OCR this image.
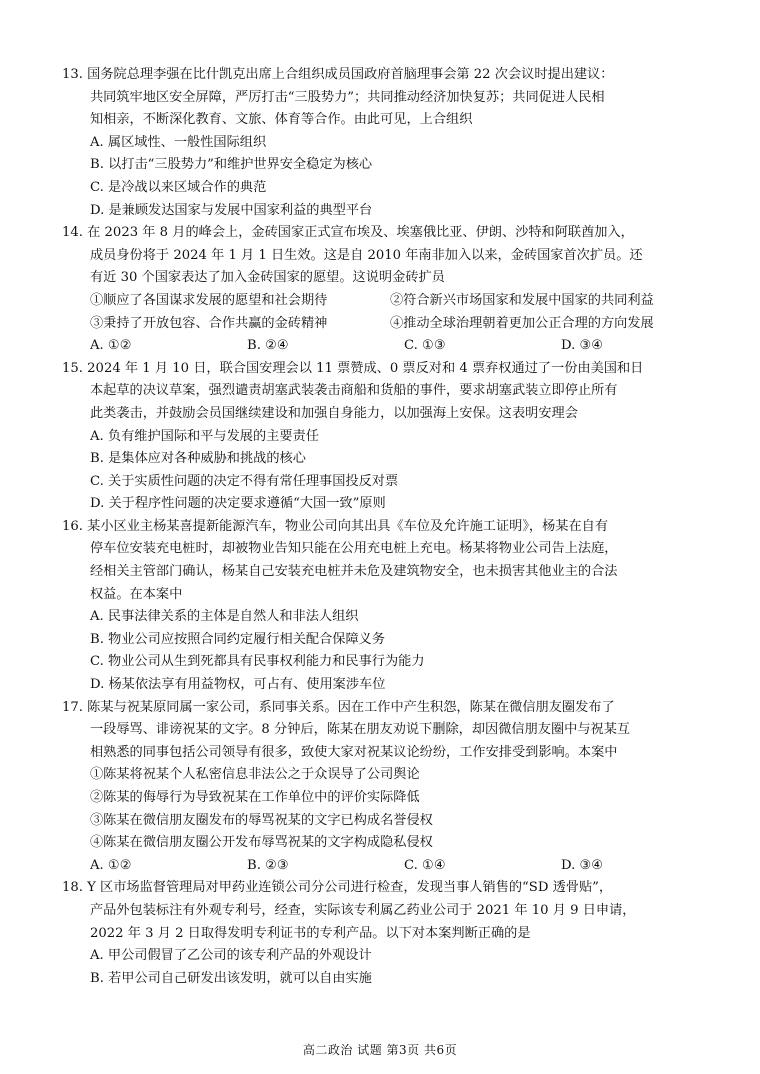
13. 国务院总理李强在比什凯克出席上合组织成员国政府首脑理事会第 22 次会议时提出建议：
共同筑牢地区安全屏障，严厉打击“三股势力”；共同推动经济加快复苏；共同促进人民相
知相亲，不断深化教育、文旅、体育等合作。由此可见，上合组织
A. 属区域性、一般性国际组织
B. 以打击“三股势力”和维护世界安全稳定为核心
C. 是冷战以来区域合作的典范
D. 是兼顾发达国家与发展中国家利益的典型平台
14. 在 2023 年 8 月的峰会上，金砖国家正式宣布埃及、埃塞俄比亚、伊朗、沙特和阿联酋加入，
成员身份将于 2024 年 1 月 1 日生效。这是自 2010 年南非加入以来，金砖国家首次扩员。还
有近 30 个国家表达了加入金砖国家的愿望。这说明金砖扩员
①顺应了各国谋求发展的愿望和社会期待	②符合新兴市场国家和发展中国家的共同利益
③秉持了开放包容、合作共赢的金砖精神	④推动全球治理朝着更加公正合理的方向发展
A. ①②	B. ②④	C. ①③	D. ③④
15. 2024 年 1 月 10 日，联合国安理会以 11 票赞成、0 票反对和 4 票弃权通过了一份由美国和日
本起草的决议草案，强烈谴责胡塞武装袭击商船和货船的事件，要求胡塞武装立即停止所有
此类袭击，并鼓励会员国继续建设和加强自身能力，以加强海上安保。这表明安理会
A. 负有维护国际和平与发展的主要责任
B. 是集体应对各种威胁和挑战的核心
C. 关于实质性问题的决定不得有常任理事国投反对票
D. 关于程序性问题的决定要求遵循“大国一致”原则
16. 某小区业主杨某喜提新能源汽车，物业公司向其出具《车位及允许施工证明》，杨某在自有
停车位安装充电桩时，却被物业告知只能在公用充电桩上充电。杨某将物业公司告上法庭，
经相关主管部门确认，杨某自己安装充电桩并未危及建筑物安全，也未损害其他业主的合法
权益。在本案中
A. 民事法律关系的主体是自然人和非法人组织
B. 物业公司应按照合同约定履行相关配合保障义务
C. 物业公司从生到死都具有民事权利能力和民事行为能力
D. 杨某依法享有用益物权，可占有、使用案涉车位
17. 陈某与祝某原同属一家公司，系同事关系。因在工作中产生积怨，陈某在微信朋友圈发布了
一段辱骂、诽谤祝某的文字。8 分钟后，陈某在朋友劝说下删除，却因微信朋友圈中与祝某互
相熟悉的同事包括公司领导有很多，致使大家对祝某议论纷纷，工作安排受到影响。本案中
①陈某将祝某个人私密信息非法公之于众误导了公司舆论
②陈某的侮辱行为导致祝某在工作单位中的评价实际降低
③陈某在微信朋友圈发布的辱骂祝某的文字已构成名誉侵权
④陈某在微信朋友圈公开发布辱骂祝某的文字构成隐私侵权
A. ①②	B. ②③	C. ①④	D. ③④
18. Y 区市场监督管理局对甲药业连锁公司分公司进行检查，发现当事人销售的“SD 透骨贴”，
产品外包装标注有外观专利号，经查，实际该专利属乙药业公司于 2021 年 10 月 9 日申请，
2022 年 3 月 2 日取得发明专利证书的专利产品。以下对本案判断正确的是
A. 甲公司假冒了乙公司的该专利产品的外观设计
B. 若甲公司自己研发出该发明，就可以自由实施
高二政治 试题 第3页 共6页
